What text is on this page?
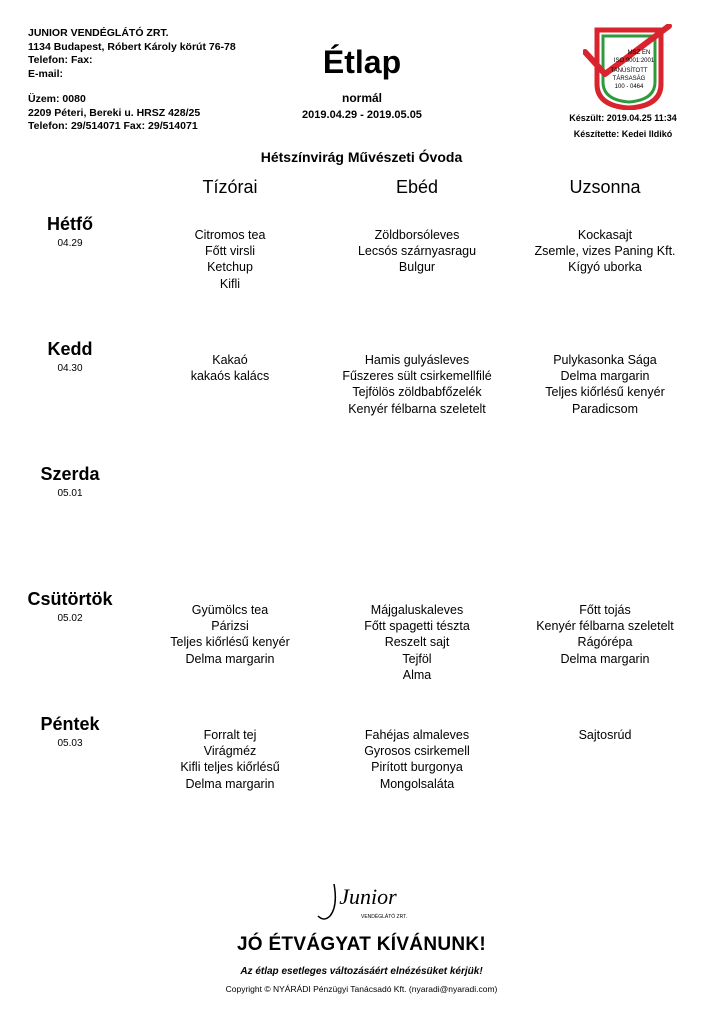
JUNIOR VENDÉGLÁTÓ ZRT.
1134 Budapest, Róbert Károly körút 76-78
Telefon: Fax:
E-mail:
Üzem: 0080
2209 Péteri, Bereki u. HRSZ 428/25
Telefon: 29/514071 Fax: 29/514071
Étlap
normál
2019.04.29 - 2019.05.05
MSZ EN
ISO 9001:2001
TANÚSÍTOTT
TÁRSASÁG
100 - 0464
Készült: 2019.04.25 11:34
Készítette: Kedei Ildikó
Hétszínvirág Művészeti Óvoda
Tízórai	Ebéd	Uzsonna
Hétfő
04.29
Citromos tea
Főtt virsli
Ketchup
Kifli
Zöldborsóleves
Lecsós szárnyasragu
Bulgur
Kockasajt
Zsemle, vizes Paning Kft.
Kígyó uborka
Kedd
04.30
Kakaó
kakaós kalács
Hamis gulyásleves
Fűszeres sült csirkemellfilé
Tejfölös zöldbabfőzelék
Kenyér félbarna szeletelt
Pulykasonka Sága
Delma margarin
Teljes kiőrlésű kenyér
Paradicsom
Szerda
05.01
Csütörtök
05.02
Gyümölcs tea
Párizsi
Teljes kiőrlésű kenyér
Delma margarin
Májgaluskaleves
Főtt spagetti tészta
Reszelt sajt
Tejföl
Alma
Főtt tojás
Kenyér félbarna szeletelt
Rágórépa
Delma margarin
Péntek
05.03
Forralt tej
Virágméz
Kifli teljes kiőrlésű
Delma margarin
Fahéjas almaleves
Gyrosos csirkemell
Pirított burgonya
Mongolsaláta
Sajtosrúd
Junior
VENDÉGLÁTÓ ZRT.
JÓ ÉTVÁGYAT KÍVÁNUNK!
Az étlap esetleges változásáért elnézésüket kérjük!
Copyright © NYÁRÁDI Pénzügyi Tanácsadó Kft. (nyaradi@nyaradi.com)
